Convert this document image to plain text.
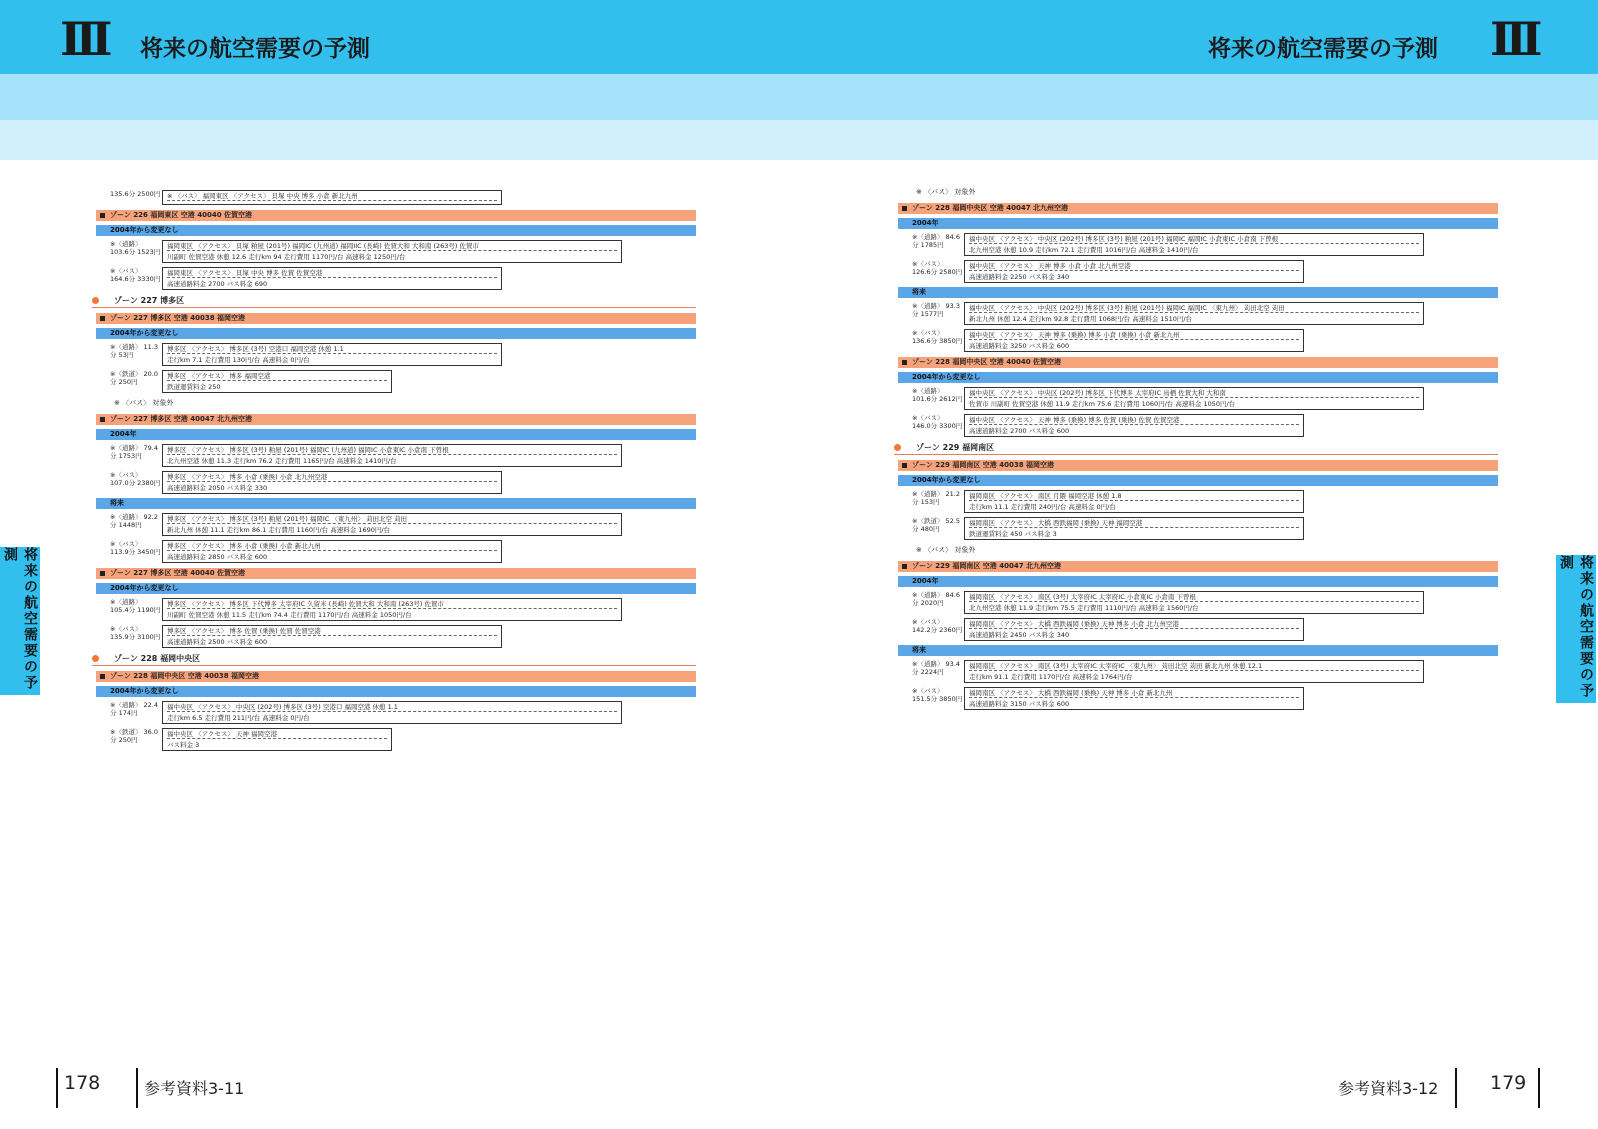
III 将来の航空需要の予測	将来の航空需要の予測 III
将来の航空需要の予測	将来の航空需要の予測
135.6分 2500円 ※ 〈バス〉 福岡東区 〈アクセス〉 貝塚 中央 博多 小倉 新北九州
ゾーン 226 福岡東区 空港 40040 佐賀空港
2004年から変更なし
※〈道路〉 103.6分 1523円
福岡東区 〈アクセス〉 貝塚 粕屋 (201号) 福岡IC (九州道) 福岡IIC (長崎) 佐賀大和 大和南 (263号) 佐賀市
川副町 佐賀空港 休憩 12.6 走行km 94 走行費用 1170円/台 高速料金 1250円/台
※〈バス〉 164.6分 3330円
福岡東区 〈アクセス〉 貝塚 中央 博多 佐賀 佐賀空港
高速道路料金 2700 バス料金 690
ゾーン 227 博多区
ゾーン 227 博多区 空港 40038 福岡空港
2004年から変更なし
※〈道路〉 11.3分 53円
博多区 〈アクセス〉 博多区 (3号) 空港口 福岡空港 休憩 1.1
走行km 7.1 走行費用 130円/台 高速料金 0円/台
※〈鉄道〉 20.0分 250円
博多区 〈アクセス〉 博多 福岡空港
鉄道運賃料金 250
※ 〈バス〉 対象外
ゾーン 227 博多区 空港 40047 北九州空港
2004年
※〈道路〉 79.4分 1753円
博多区 〈アクセス〉 博多区 (3号) 粕屋 (201号) 福岡IC (九州道) 福岡IC 小倉東IC 小倉南 下曽根
北九州空港 休憩 11.3 走行km 76.2 走行費用 1165円/台 高速料金 1410円/台
※〈バス〉 107.0分 2380円
博多区 〈アクセス〉 博多 小倉 (乗換) 小倉 北九州空港
高速道路料金 2050 バス料金 330
将来
※〈道路〉 92.2分 1448円
博多区 〈アクセス〉 博多区 (3号) 粕屋 (201号) 福岡IC 〈東九州〉 苅田北空 苅田
新北九州 休憩 11.1 走行km 86.1 走行費用 1160円/台 高速料金 1690円/台
※〈バス〉 113.9分 3450円
博多区 〈アクセス〉 博多 小倉 (乗換) 小倉 新北九州
高速道路料金 2850 バス料金 600
ゾーン 227 博多区 空港 40040 佐賀空港
2004年から変更なし
※〈道路〉 105.4分 1190円
博多区 〈アクセス〉 博多区 下代博多 太宰府IC 久留米 (長崎) 佐賀大和 大和南 (263号) 佐賀市
川副町 佐賀空港 休憩 11.5 走行km 74.4 走行費用 1170円/台 高速料金 1050円/台
※〈バス〉 135.9分 3100円
博多区 〈アクセス〉 博多 佐賀 (乗換) 佐賀 佐賀空港
高速道路料金 2500 バス料金 600
ゾーン 228 福岡中央区
ゾーン 228 福岡中央区 空港 40038 福岡空港
2004年から変更なし
※〈道路〉 22.4分 174円
福中央区 〈アクセス〉 中央区 (202号) 博多区 (3号) 空港口 福岡空港 休憩 1.1
走行km 6.5 走行費用 211円/台 高速料金 0円/台
※〈鉄道〉 36.0分 250円
福中央区 〈アクセス〉 天神 福岡空港
バス料金 3
※ 〈バス〉 対象外
ゾーン 228 福岡中央区 空港 40047 北九州空港
2004年
※〈道路〉 84.6分 1785円
福中央区 〈アクセス〉 中央区 (202号) 博多区 (3号) 粕屋 (201号) 福岡IC 福岡IC 小倉東IC 小倉南 下曽根
北九州空港 休憩 10.9 走行km 72.1 走行費用 1016円/台 高速料金 1410円/台
※〈バス〉 126.6分 2580円
福中央区 〈アクセス〉 天神 博多 小倉 小倉 北九州空港
高速道路料金 2250 バス料金 340
将来
※〈道路〉 93.3分 1577円
福中央区 〈アクセス〉 中央区 (202号) 博多区 (3号) 粕屋 (201号) 福岡IC 福岡IC 〈東九州〉 苅田北空 苅田
新北九州 休憩 12.4 走行km 92.8 走行費用 1068円/台 高速料金 1510円/台
※〈バス〉 136.6分 3850円
福中央区 〈アクセス〉 天神 博多 (乗換) 博多 小倉 (乗換) 小倉 新北九州
高速道路料金 3250 バス料金 600
ゾーン 228 福岡中央区 空港 40040 佐賀空港
2004年から変更なし
※〈道路〉 101.6分 2612円
福中央区 〈アクセス〉 中央区 (202号) 博多区 下代博多 太宰府IC 鳥栖 佐賀大和 大和南
佐賀市 川副町 佐賀空港 休憩 11.9 走行km 75.6 走行費用 1060円/台 高速料金 1050円/台
※〈バス〉 146.0分 3300円
福中央区 〈アクセス〉 天神 博多 (乗換) 博多 佐賀 (乗換) 佐賀 佐賀空港
高速道路料金 2700 バス料金 600
ゾーン 229 福岡南区
ゾーン 229 福岡南区 空港 40038 福岡空港
2004年から変更なし
※〈道路〉 21.2分 153円
福岡南区 〈アクセス〉 南区 月隈 福岡空港 休憩 1.8
走行km 11.1 走行費用 240円/台 高速料金 0円/台
※〈鉄道〉 52.5分 480円
福岡南区 〈アクセス〉 大橋 西鉄福岡 (乗換) 天神 福岡空港
鉄道運賃料金 450 バス料金 3
※ 〈バス〉 対象外
ゾーン 229 福岡南区 空港 40047 北九州空港
2004年
※〈道路〉 84.6分 2020円
福岡南区 〈アクセス〉 南区 (3号) 太宰府IC 太宰府IC 小倉東IC 小倉南 下曽根
北九州空港 休憩 11.9 走行km 75.5 走行費用 1110円/台 高速料金 1560円/台
※〈バス〉 142.2分 2360円
福岡南区 〈アクセス〉 大橋 西鉄福岡 (乗換) 天神 博多 小倉 北九州空港
高速道路料金 2450 バス料金 340
将来
※〈道路〉 93.4分 2224円
福岡南区 〈アクセス〉 南区 (3号) 太宰府IC 太宰府IC 〈東九州〉 苅田北空 苅田 新北九州 休憩 12.1
走行km 91.1 走行費用 1170円/台 高速料金 1764円/台
※〈バス〉 151.5分 3850円
福岡南区 〈アクセス〉 大橋 西鉄福岡 (乗換) 天神 博多 小倉 新北九州
高速道路料金 3150 バス料金 600
178	参考資料3-11	参考資料3-12	179
